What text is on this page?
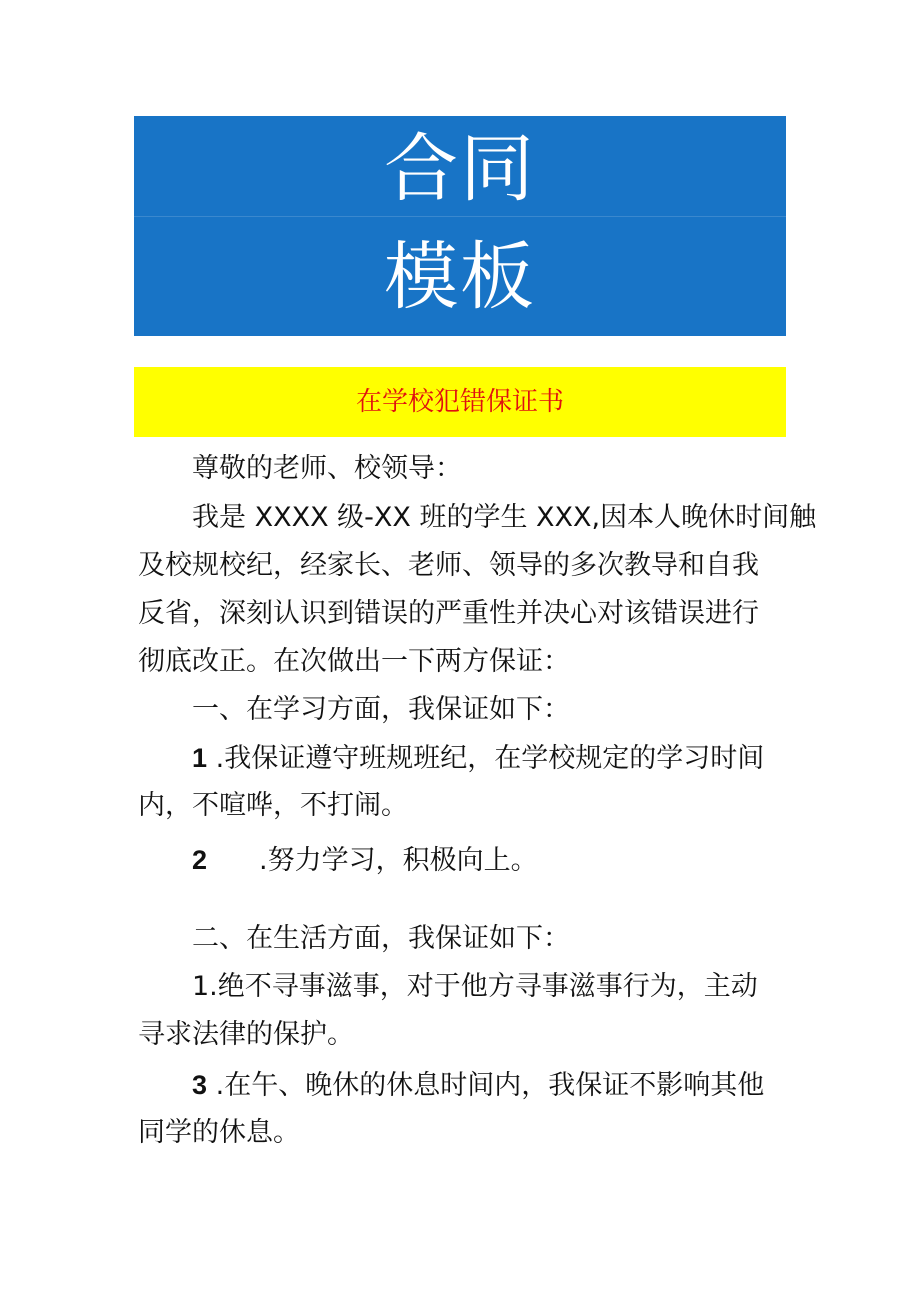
合同
模板
在学校犯错保证书
尊敬的老师、校领导：
我是 XXXX 级-XX 班的学生 XXX,因本人晚休时间触
及校规校纪，经家长、老师、领导的多次教导和自我
反省，深刻认识到错误的严重性并决心对该错误进行
彻底改正。在次做出一下两方保证：
一、在学习方面，我保证如下：
1 .我保证遵守班规班纪，在学校规定的学习时间
内，不喧哗，不打闹。
2 .努力学习，积极向上。
二、在生活方面，我保证如下：
1.绝不寻事滋事，对于他方寻事滋事行为，主动
寻求法律的保护。
3 .在午、晚休的休息时间内，我保证不影响其他
同学的休息。
